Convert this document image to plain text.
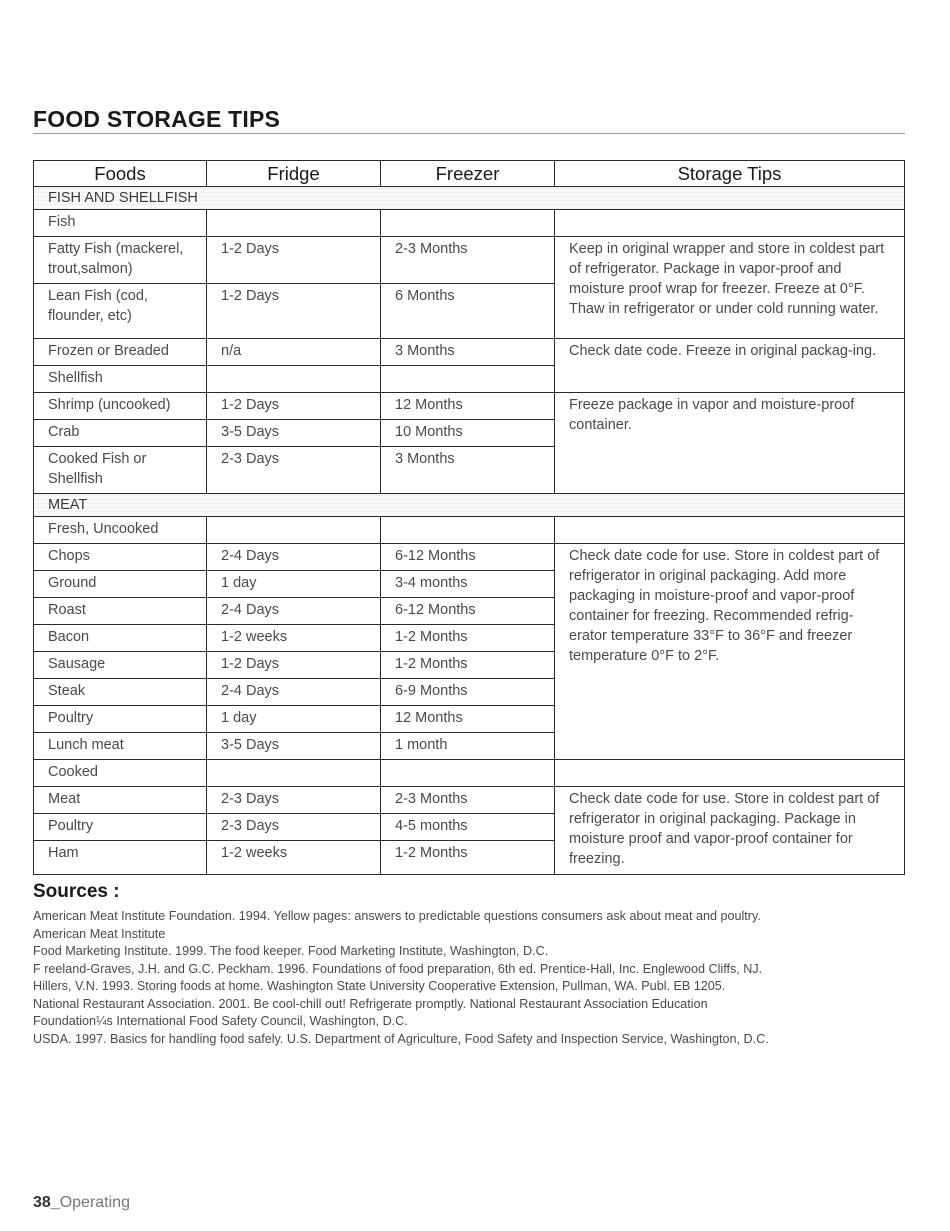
FOOD STORAGE TIPS
Foods	Fridge	Freezer	Storage Tips
FISH AND SHELLFISH			
Fish			
Fatty Fish (mackerel, trout,salmon)	1-2 Days	2-3 Months	Keep in original wrapper and store in coldest part of refrigerator. Package in vapor-proof and moisture proof wrap for freezer. Freeze at 0°F. Thaw in refrigerator or under cold running water.
Lean Fish (cod, flounder, etc)	1-2 Days	6 Months	
Frozen or Breaded	n/a	3 Months	Check date code. Freeze in original packag-ing.
Shellfish			
Shrimp (uncooked)	1-2 Days	12 Months	Freeze package in vapor and moisture-proof container.
Crab	3-5 Days	10 Months	
Cooked Fish or Shellfish	2-3 Days	3 Months	
MEAT			
Fresh, Uncooked			
Chops	2-4 Days	6-12 Months	Check date code for use. Store in coldest part of refrigerator in original packaging. Add more packaging in moisture-proof and vapor-proof container for freezing. Recommended refrig-erator temperature 33°F to 36°F and freezer temperature 0°F to 2°F.
Ground	1 day	3-4 months	
Roast	2-4 Days	6-12 Months	
Bacon	1-2 weeks	1-2 Months	
Sausage	1-2 Days	1-2 Months	
Steak	2-4 Days	6-9 Months	
Poultry	1 day	12 Months	
Lunch meat	3-5 Days	1 month	
Cooked			
Meat	2-3 Days	2-3 Months	Check date code for use. Store in coldest part of refrigerator in original packaging. Package in moisture proof and vapor-proof container for freezing.
Poultry	2-3 Days	4-5 months	
Ham	1-2 weeks	1-2 Months	
Sources :
American Meat Institute Foundation. 1994. Yellow pages: answers to predictable questions consumers ask about meat and poultry.
American Meat Institute
Food Marketing Institute. 1999. The food keeper. Food Marketing Institute, Washington, D.C.
F reeland-Graves, J.H. and G.C. Peckham. 1996. Foundations of food preparation, 6th ed. Prentice-Hall, Inc. Englewood Cliffs, NJ.
Hillers, V.N. 1993. Storing foods at home. Washington State University Cooperative Extension, Pullman, WA. Publ. EB 1205.
National Restaurant Association. 2001. Be cool-chill out! Refrigerate promptly. National Restaurant Association Education
Foundation¼s International Food Safety Council, Washington, D.C.
USDA. 1997. Basics for handling food safely. U.S. Department of Agriculture, Food Safety and Inspection Service, Washington, D.C.
38_Operating
